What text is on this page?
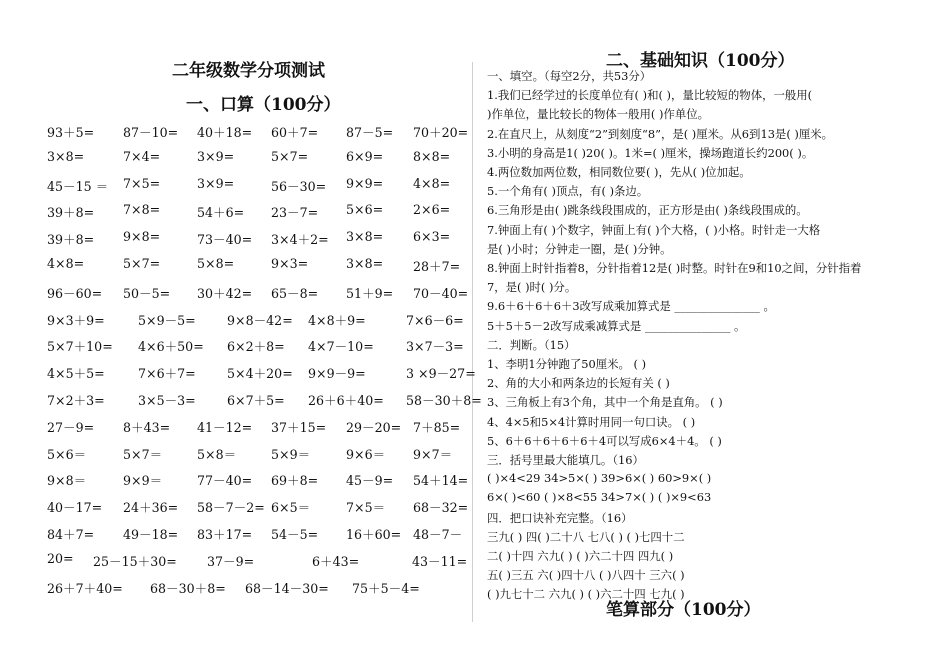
二年级数学分项测试
一、口算（100分）
二、基础知识（100分）
笔算部分（100分）
93＋5= 87－10= 40＋18= 60＋7= 87－5= 70＋20=
3×8=	7×4=	3×9=	5×7=	6×9= 8×8=
45－15 ＝ 7×5=	3×9=	56－30= 9×9= 4×8=
39＋8= 7×8=	54＋6= 23－7= 5×6= 2×6=
39＋8= 9×8=	73－40= 3×4＋2= 3×8= 6×3=
4×8=	5×7=	5×8=	9×3=	3×8= 28＋7=
96－60= 50－5= 30＋42= 65－8= 51＋9= 70－40=
9×3＋9=	5×9－5= 9×8－42= 4×8＋9=	7×6－6=
5×7＋10= 4×6＋50= 6×2＋8= 4×7－10=	3×7－3=
4×5＋5=	7×6＋7= 5×4＋20= 9×9－9=	3 ×9－27=
7×2＋3=	3×5－3= 6×7＋5= 26＋6＋40= 58－30＋8=
27－9= 8＋43= 41－12= 37＋15= 29－20= 7＋85=
5×6＝	5×7＝	5×8＝	5×9＝	9×6＝ 9×7＝
9×8＝	9×9＝	77－40= 69＋8= 45－9= 54＋14=
40－17= 24＋36= 58－7－2= 6×5＝	7×5＝ 68－32=
84＋7= 49－18= 83＋17= 54－5= 16＋60= 48－7－
20= 25－15＋30= 37－9=	6＋43=	43－11=
26＋7＋40= 68－30＋8= 68－14－30= 75＋5－4=
一、填空。（每空2分，共53分）
1.我们已经学过的长度单位有( )和( )，量比较短的物体，一般用(
)作单位，量比较长的物体一般用( )作单位。
2.在直尺上，从刻度“2”到刻度“8”，是( )厘米。从6到13是( )厘米。
3.小明的身高是1( )20( )。1米=( )厘米，操场跑道长约200( )。
4.两位数加两位数，相同数位要( )，先从( )位加起。
5.一个角有( )顶点，有( )条边。
6.三角形是由( )跳条线段围成的，正方形是由( )条线段围成的。
7.钟面上有( )个数字，钟面上有( )个大格，( )小格。时针走一大格
是( )小时；分钟走一圈，是( )分钟。
8.钟面上时针指着8，分针指着12是( )时整。时针在9和10之间，分针指着
7，是( )时( )分。
9.6＋6＋6＋6＋3改写成乘加算式是 _______________ 。
5＋5＋5－2改写成乘减算式是 _______________ 。
二．判断。（15）
1、李明1分钟跑了50厘米。 ( )
2、角的大小和两条边的长短有关 ( )
3、三角板上有3个角，其中一个角是直角。 ( )
4、4×5和5×4计算时用同一句口诀。 ( )
5、6＋6＋6＋6＋6＋4可以写成6×4＋4。 ( )
三．括号里最大能填几。（16）
( )×4<29 34>5×( ) 39>6×( ) 60>9×( )
6×( )<60 ( )×8<55 34>7×( ) ( )×9<63
四．把口诀补充完整。（16）
三九( ) 四( )二十八 七八( ) ( )七四十二
二( )十四 六九( ) ( )六二十四 四九( )
五( )三五 六( )四十八 ( )八四十 三六( )
( )九七十二 六九( ) ( )六二十四 七九( )
